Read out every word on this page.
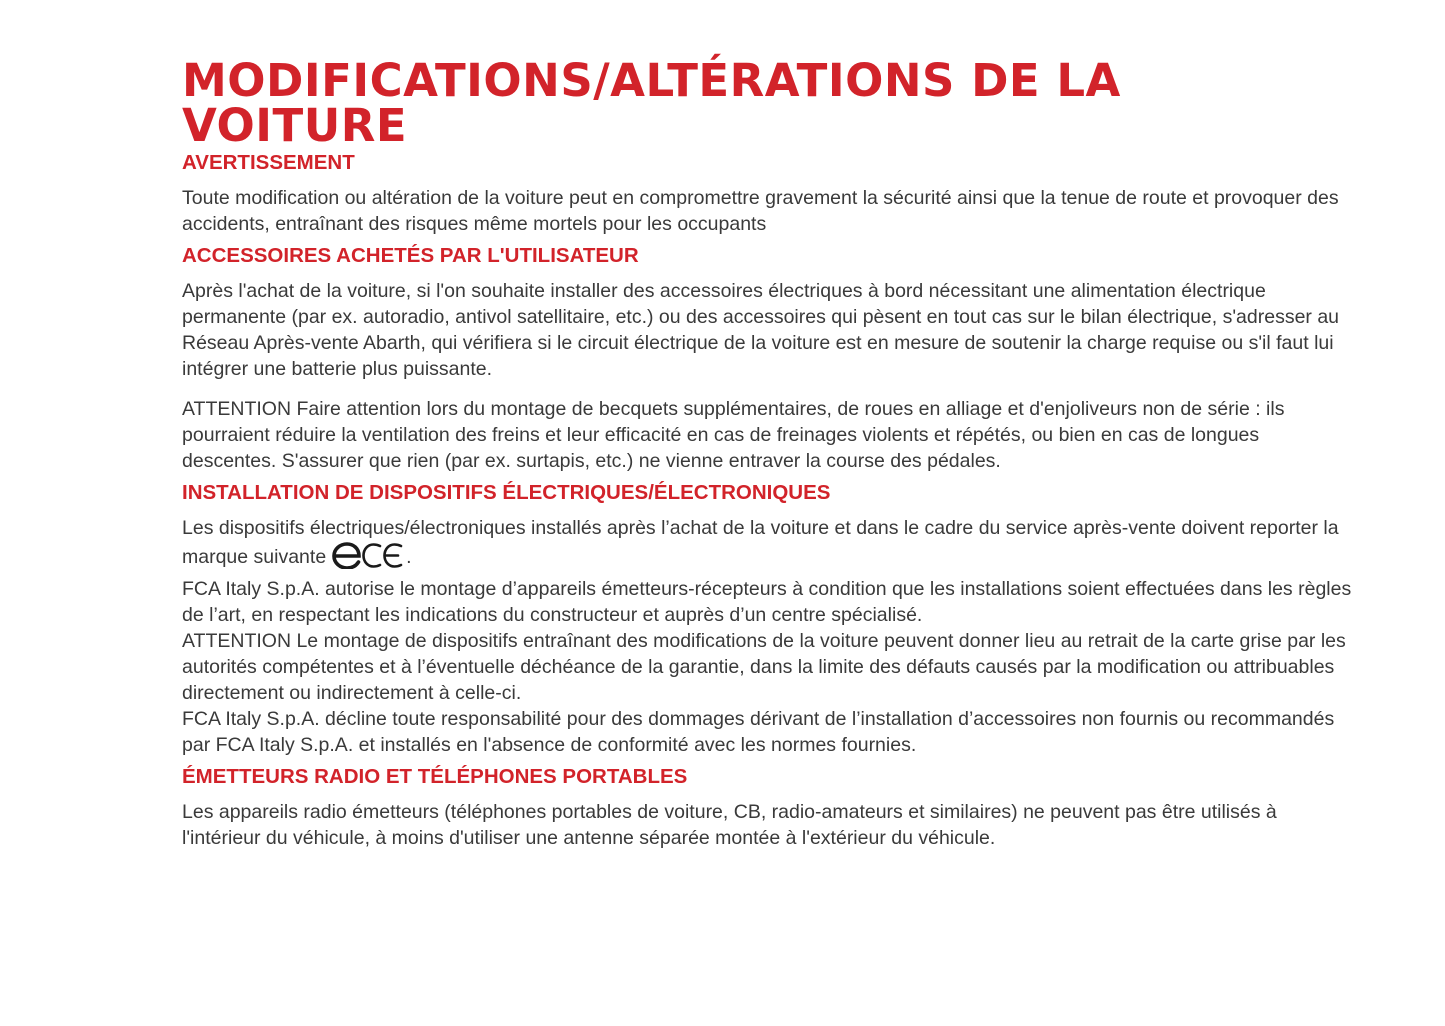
MODIFICATIONS/ALTÉRATIONS DE LA VOITURE
AVERTISSEMENT

Toute modification ou altération de la voiture peut en compromettre gravement la sécurité ainsi que la tenue de route et provoquer des accidents, entraînant des risques même mortels pour les occupants

ACCESSOIRES ACHETÉS PAR L'UTILISATEUR

Après l'achat de la voiture, si l'on souhaite installer des accessoires électriques à bord nécessitant une alimentation électrique permanente (par ex. autoradio, antivol satellitaire, etc.) ou des accessoires qui pèsent en tout cas sur le bilan électrique, s'adresser au Réseau Après-vente Abarth, qui vérifiera si le circuit électrique de la voiture est en mesure de soutenir la charge requise ou s'il faut lui intégrer une batterie plus puissante.

ATTENTION Faire attention lors du montage de becquets supplémentaires, de roues en alliage et d'enjoliveurs non de série : ils pourraient réduire la ventilation des freins et leur efficacité en cas de freinages violents et répétés, ou bien en cas de longues descentes. S'assurer que rien (par ex. surtapis, etc.) ne vienne entraver la course des pédales.

INSTALLATION DE DISPOSITIFS ÉLECTRIQUES/ÉLECTRONIQUES

Les dispositifs électriques/électroniques installés après l’achat de la voiture et dans le cadre du service après-vente doivent reporter la marque suivante	.

FCA Italy S.p.A. autorise le montage d’appareils émetteurs-récepteurs à condition que les installations soient effectuées dans les règles de l’art, en respectant les indications du constructeur et auprès d’un centre spécialisé.

ATTENTION Le montage de dispositifs entraînant des modifications de la voiture peuvent donner lieu au retrait de la carte grise par les autorités compétentes et à l’éventuelle déchéance de la garantie, dans la limite des défauts causés par la modification ou attribuables directement ou indirectement à celle-ci.

FCA Italy S.p.A. décline toute responsabilité pour des dommages dérivant de l’installation d’accessoires non fournis ou recommandés par FCA Italy S.p.A. et installés en l'absence de conformité avec les normes fournies.

ÉMETTEURS RADIO ET TÉLÉPHONES PORTABLES

Les appareils radio émetteurs (téléphones portables de voiture, CB, radio-amateurs et similaires) ne peuvent pas être utilisés à l'intérieur du véhicule, à moins d'utiliser une antenne séparée montée à l'extérieur du véhicule.
